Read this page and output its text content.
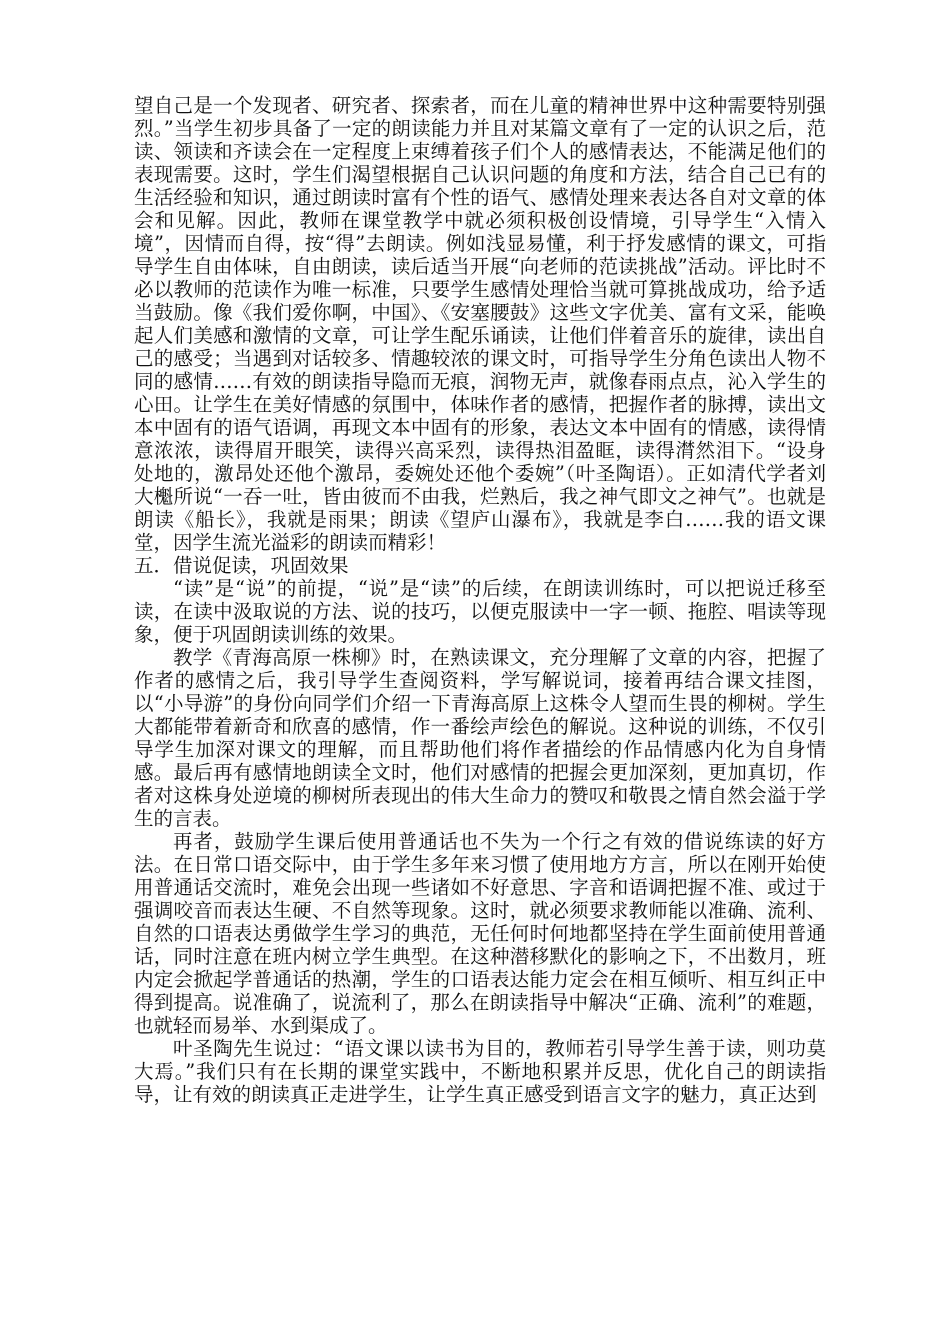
望自己是一个发现者、研究者、探索者，而在儿童的精神世界中这种需要特别强烈。”当学生初步具备了一定的朗读能力并且对某篇文章有了一定的认识之后，范读、领读和齐读会在一定程度上束缚着孩子们个人的感情表达，不能满足他们的表现需要。这时，学生们渴望根据自己认识问题的角度和方法，结合自己已有的生活经验和知识，通过朗读时富有个性的语气、感情处理来表达各自对文章的体会和见解。因此，教师在课堂教学中就必须积极创设情境，引导学生“入情入境”，因情而自得，按“得”去朗读。例如浅显易懂，利于抒发感情的课文，可指导学生自由体味，自由朗读，读后适当开展“向老师的范读挑战”活动。评比时不必以教师的范读作为唯一标准，只要学生感情处理恰当就可算挑战成功，给予适当鼓励。像《我们爱你啊，中国》、《安塞腰鼓》这些文字优美、富有文采，能唤起人们美感和激情的文章，可让学生配乐诵读，让他们伴着音乐的旋律，读出自己的感受；当遇到对话较多、情趣较浓的课文时，可指导学生分角色读出人物不同的感情……有效的朗读指导隐而无痕，润物无声，就像春雨点点，沁入学生的心田。让学生在美好情感的氛围中，体味作者的感情，把握作者的脉搏，读出文本中固有的语气语调，再现文本中固有的形象，表达文本中固有的情感，读得情意浓浓，读得眉开眼笑，读得兴高采烈，读得热泪盈眶，读得潸然泪下。“设身处地的，激昂处还他个激昂，委婉处还他个委婉”（叶圣陶语）。正如清代学者刘大櫆所说“一吞一吐，皆由彼而不由我，烂熟后，我之神气即文之神气”。也就是朗读《船长》，我就是雨果；朗读《望庐山瀑布》，我就是李白……我的语文课堂，因学生流光溢彩的朗读而精彩！

五．借说促读，巩固效果

“读”是“说”的前提，“说”是“读”的后续，在朗读训练时，可以把说迁移至读，在读中汲取说的方法、说的技巧，以便克服读中一字一顿、拖腔、唱读等现象，便于巩固朗读训练的效果。

教学《青海高原一株柳》时，在熟读课文，充分理解了文章的内容，把握了作者的感情之后，我引导学生查阅资料，学写解说词，接着再结合课文挂图，以“小导游”的身份向同学们介绍一下青海高原上这株令人望而生畏的柳树。学生大都能带着新奇和欣喜的感情，作一番绘声绘色的解说。这种说的训练，不仅引导学生加深对课文的理解，而且帮助他们将作者描绘的作品情感内化为自身情感。最后再有感情地朗读全文时，他们对感情的把握会更加深刻，更加真切，作者对这株身处逆境的柳树所表现出的伟大生命力的赞叹和敬畏之情自然会溢于学生的言表。

再者，鼓励学生课后使用普通话也不失为一个行之有效的借说练读的好方法。在日常口语交际中，由于学生多年来习惯了使用地方方言，所以在刚开始使用普通话交流时，难免会出现一些诸如不好意思、字音和语调把握不准、或过于强调咬音而表达生硬、不自然等现象。这时，就必须要求教师能以准确、流利、自然的口语表达勇做学生学习的典范，无任何时何地都坚持在学生面前使用普通话，同时注意在班内树立学生典型。在这种潜移默化的影响之下，不出数月，班内定会掀起学普通话的热潮，学生的口语表达能力定会在相互倾听、相互纠正中得到提高。说准确了，说流利了，那么在朗读指导中解决“正确、流利”的难题，也就轻而易举、水到渠成了。

叶圣陶先生说过：“语文课以读书为目的，教师若引导学生善于读，则功莫大焉。”我们只有在长期的课堂实践中，不断地积累并反思，优化自己的朗读指导，让有效的朗读真正走进学生，让学生真正感受到语言文字的魅力，真正达到
